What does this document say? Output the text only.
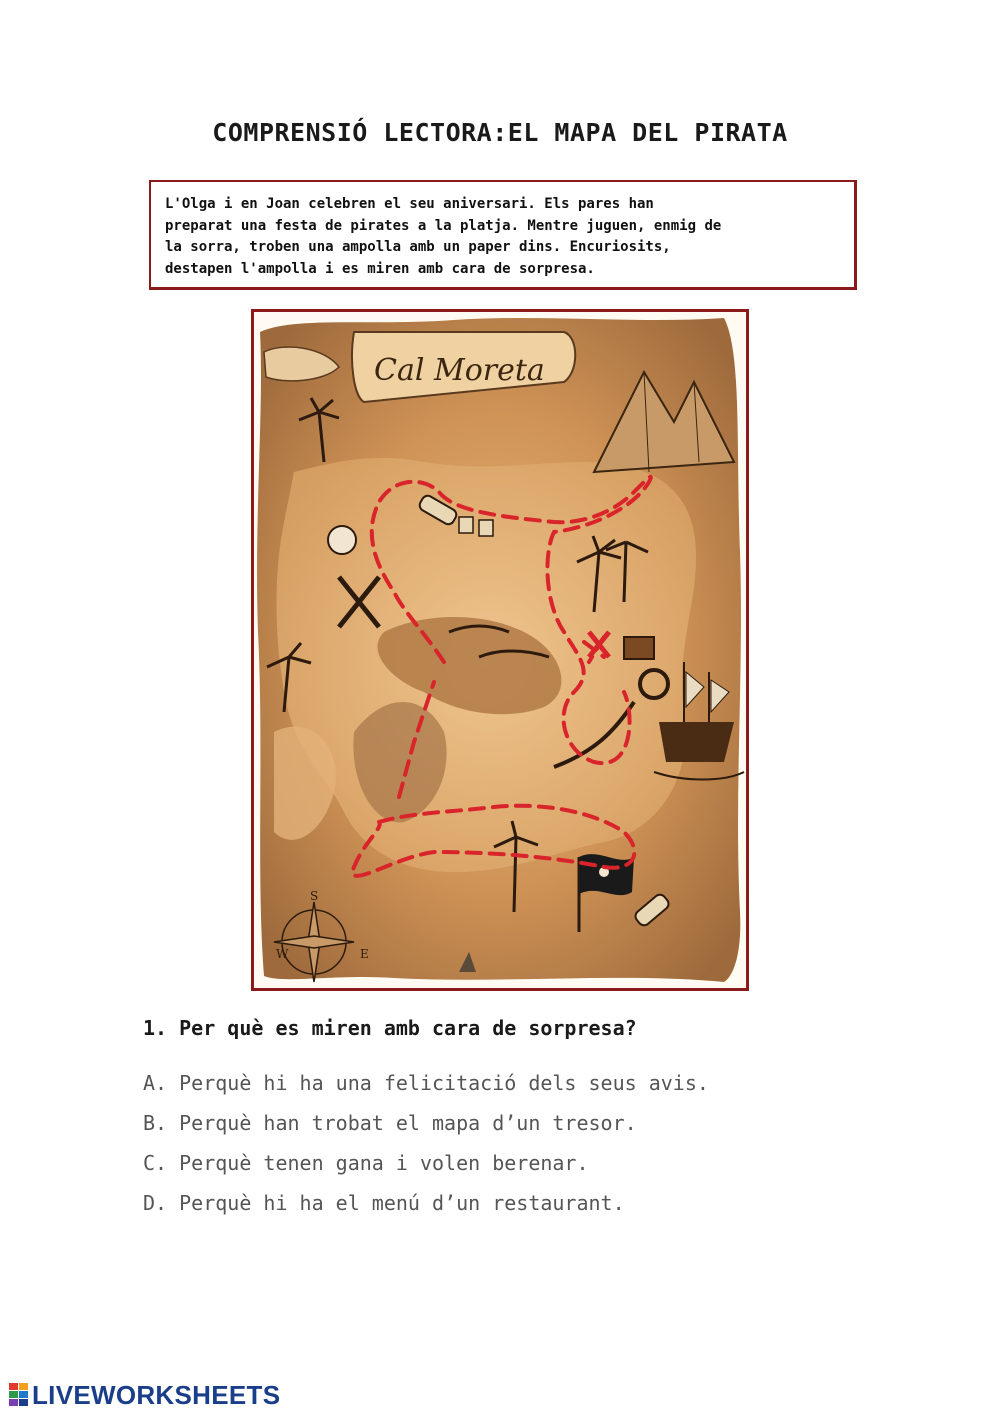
COMPRENSIÓ LECTORA:EL MAPA DEL PIRATA
L'Olga i en Joan celebren el seu aniversari. Els pares han
preparat una festa de pirates a la platja. Mentre juguen, enmig de
la sorra, troben una ampolla amb un paper dins. Encuriosits,
destapen l'ampolla i es miren amb cara de sorpresa.
Cal Moreta
S
W	E
1. Per què es miren amb cara de sorpresa?
A. Perquè hi ha una felicitació dels seus avis.
B. Perquè han trobat el mapa d’un tresor.
C. Perquè tenen gana i volen berenar.
D. Perquè hi ha el menú d’un restaurant.
LIVEWORKSHEETS
